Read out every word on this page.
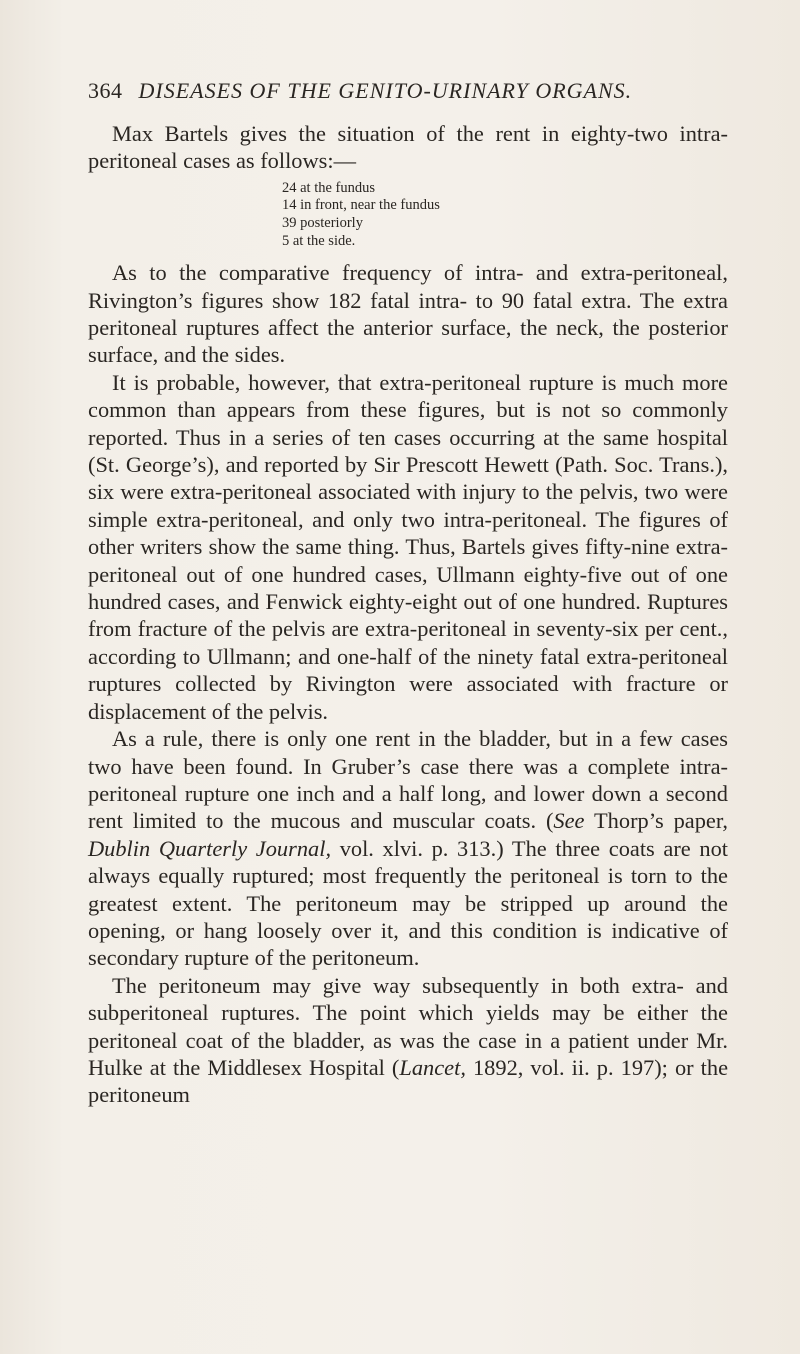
364 DISEASES OF THE GENITO-URINARY ORGANS.

Max Bartels gives the situation of the rent in eighty-two intra-peritoneal cases as follows:—

24 at the fundus
14 in front, near the fundus
39 posteriorly
5 at the side.

As to the comparative frequency of intra- and extra-peritoneal, Rivington’s figures show 182 fatal intra- to 90 fatal extra. The extra peritoneal ruptures affect the anterior surface, the neck, the posterior surface, and the sides.

It is probable, however, that extra-peritoneal rupture is much more common than appears from these figures, but is not so commonly reported. Thus in a series of ten cases occurring at the same hospital (St. George’s), and reported by Sir Prescott Hewett (Path. Soc. Trans.), six were extra-peritoneal associated with injury to the pelvis, two were simple extra-peritoneal, and only two intra-peritoneal. The figures of other writers show the same thing. Thus, Bartels gives fifty-nine extra-peritoneal out of one hundred cases, Ullmann eighty-five out of one hundred cases, and Fenwick eighty-eight out of one hundred. Ruptures from fracture of the pelvis are extra-peritoneal in seventy-six per cent., according to Ullmann; and one-half of the ninety fatal extra-peritoneal ruptures collected by Rivington were associated with fracture or displacement of the pelvis.

As a rule, there is only one rent in the bladder, but in a few cases two have been found. In Gruber’s case there was a complete intra-peritoneal rupture one inch and a half long, and lower down a second rent limited to the mucous and muscular coats. (See Thorp’s paper, Dublin Quarterly Journal, vol. xlvi. p. 313.) The three coats are not always equally ruptured; most frequently the peritoneal is torn to the greatest extent. The peritoneum may be stripped up around the opening, or hang loosely over it, and this condition is indicative of secondary rupture of the peritoneum.

The peritoneum may give way subsequently in both extra- and subperitoneal ruptures. The point which yields may be either the peritoneal coat of the bladder, as was the case in a patient under Mr. Hulke at the Middlesex Hospital (Lancet, 1892, vol. ii. p. 197); or the peritoneum
